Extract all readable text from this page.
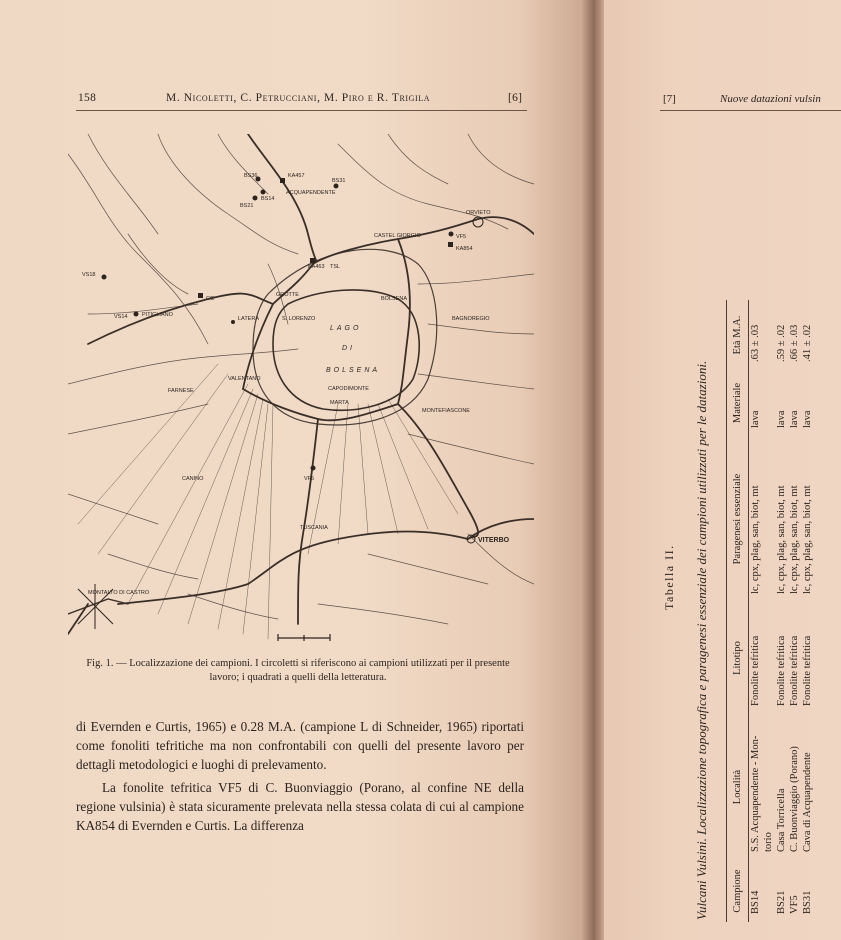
158	M. Nicoletti, C. Petrucciani, M. Piro e R. Trigila	[6]
LAGO
DI
BOLSENA
BS36	KA457
BS31
BS14
BS21
ACQUAPENDENTE
ORVIETO
CASTEL GIORGIO	VF5
KA854
KA463 TSL
VS18
CC
VS14	PITIGLIANO
GROTTE
S. LORENZO
BOLSENA
BAGNOREGIO
LATERA
VALENTANO
FARNESE	CAPODIMONTE
MARTA
MONTEFIASCONE
VF5
CANINO
TUSCANIA
VITERBO
MONTALTO DI CASTRO
Fig. 1. — Localizzazione dei campioni. I circoletti si riferiscono ai campioni utilizzati per il presente lavoro; i quadrati a quelli della letteratura.

di Evernden e Curtis, 1965) e 0.28 M.A. (campione L di Schneider, 1965) riportati come fonoliti tefritiche ma non confrontabili con quelli del presente lavoro per dettagli metodologici e luoghi di prelevamento.

La fonolite tefritica VF5 di C. Buonviaggio (Porano, al confine NE della regione vulsinia) è stata sicuramente prelevata nella stessa colata di cui al campione KA854 di Evernden e Curtis. La differenza

[7]	Nuove datazioni vulsin
Tabella II. Vulcani Vulsini. Localizzazione topografica e paragenesi essenziale dei campioni utilizzati per le datazioni. Campione	Località	Litotipo	Paragenesi essenziale	Materiale	Età M.A.
BS14	S.S. Acquapendente - Mon-	Fonolite tefritica	lc, cpx, plag, san, biot, mt	lava	.63 ± .03
	torio				
BS21	Casa Torricella	Fonolite tefritica	lc, cpx, plag, san, biot, mt	lava	.59 ± .02
VF5	C. Buonviaggio (Porano)	Fonolite tefritica	lc, cpx, plag, san, biot, mt	lava	.66 ± .03
BS31	Cava di Acquapendente	Fonolite tefritica	lc, cpx, plag, san, biot, mt	lava	.41 ± .02
